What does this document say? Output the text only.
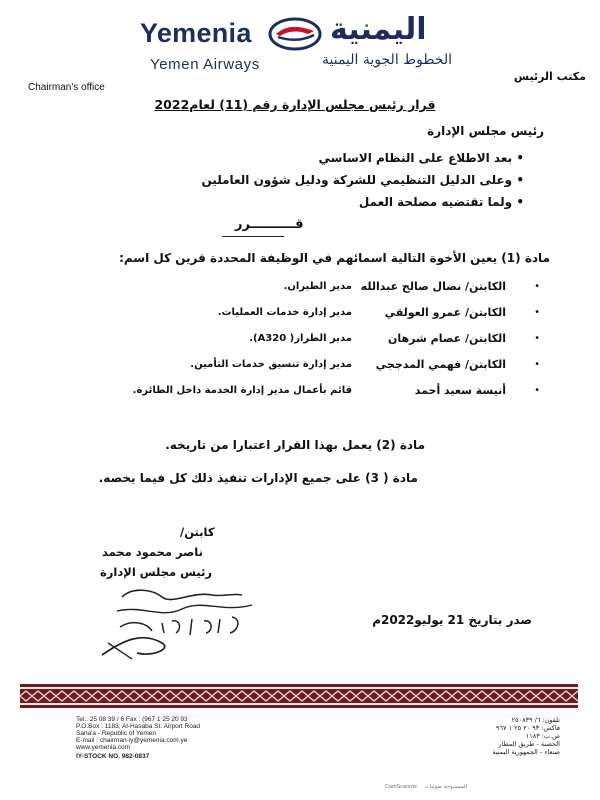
Yemenia	اليمنية
Yemen Airways	الخطوط الجوية اليمنية
مكتب الرئيس
Chairman's office
قرار رئيس مجلس الإدارة رقم (11) لعام2022
رئيس مجلس الإدارة
• بعد الاطلاع على النظام الاساسي
• وعلى الدليل التنظيمي للشركة ودليل شؤون العاملين
• ولما تقتضيه مصلحة العمل
قــــــــــرر
مادة (1) يعين الأخوة التالية اسمائهم في الوظيفة المحددة قرين كل اسم:
•
الكابتن/ نضال صالح عبدالله
مدير الطيران.
•
الكابتن/ عمرو العولقي
مدير إدارة خدمات العمليات.
•
الكابتن/ عصام شرهان
مدير الطراز( A320).
•
الكابتن/ فهمي المدججي
مدير إدارة تنسيق خدمات التأمين.
•
أنيسة سعيد أحمد
قائم بأعمال مدير إدارة الخدمة داخل الطائرة.
مادة (2) يعمل بهذا القرار اعتبارا من تاريخه.
مادة ( 3) على جميع الإدارات تنفيذ ذلك كل فيما يخصه.
كابتن/
ناصر محمود محمد
رئيس مجلس الإدارة
صدر بتاريخ 21 يوليو2022م
Tel.: 25 08 39 / 6 Fax : (967 1 25 20 93
P.O.Box : 1183, Al-Hasaba St. Airport Road
Sana'a - Republic of Yemen
E-mail : chairman-iy@yemenia.com.ye
www.yemenia.com
IY-STOCK NO. 982-0837
تلفون: ٦/ ٢٥٠٨٣٩
فاكس: ٩٣ ٢٠ ٢٥ ١ ٩٦٧
ص.ب: ١١٨٣
الحصبة - طريق المطار
صنعاء - الجمهورية اليمنية
CamScanner الممسوحة ضوئيا بـ
